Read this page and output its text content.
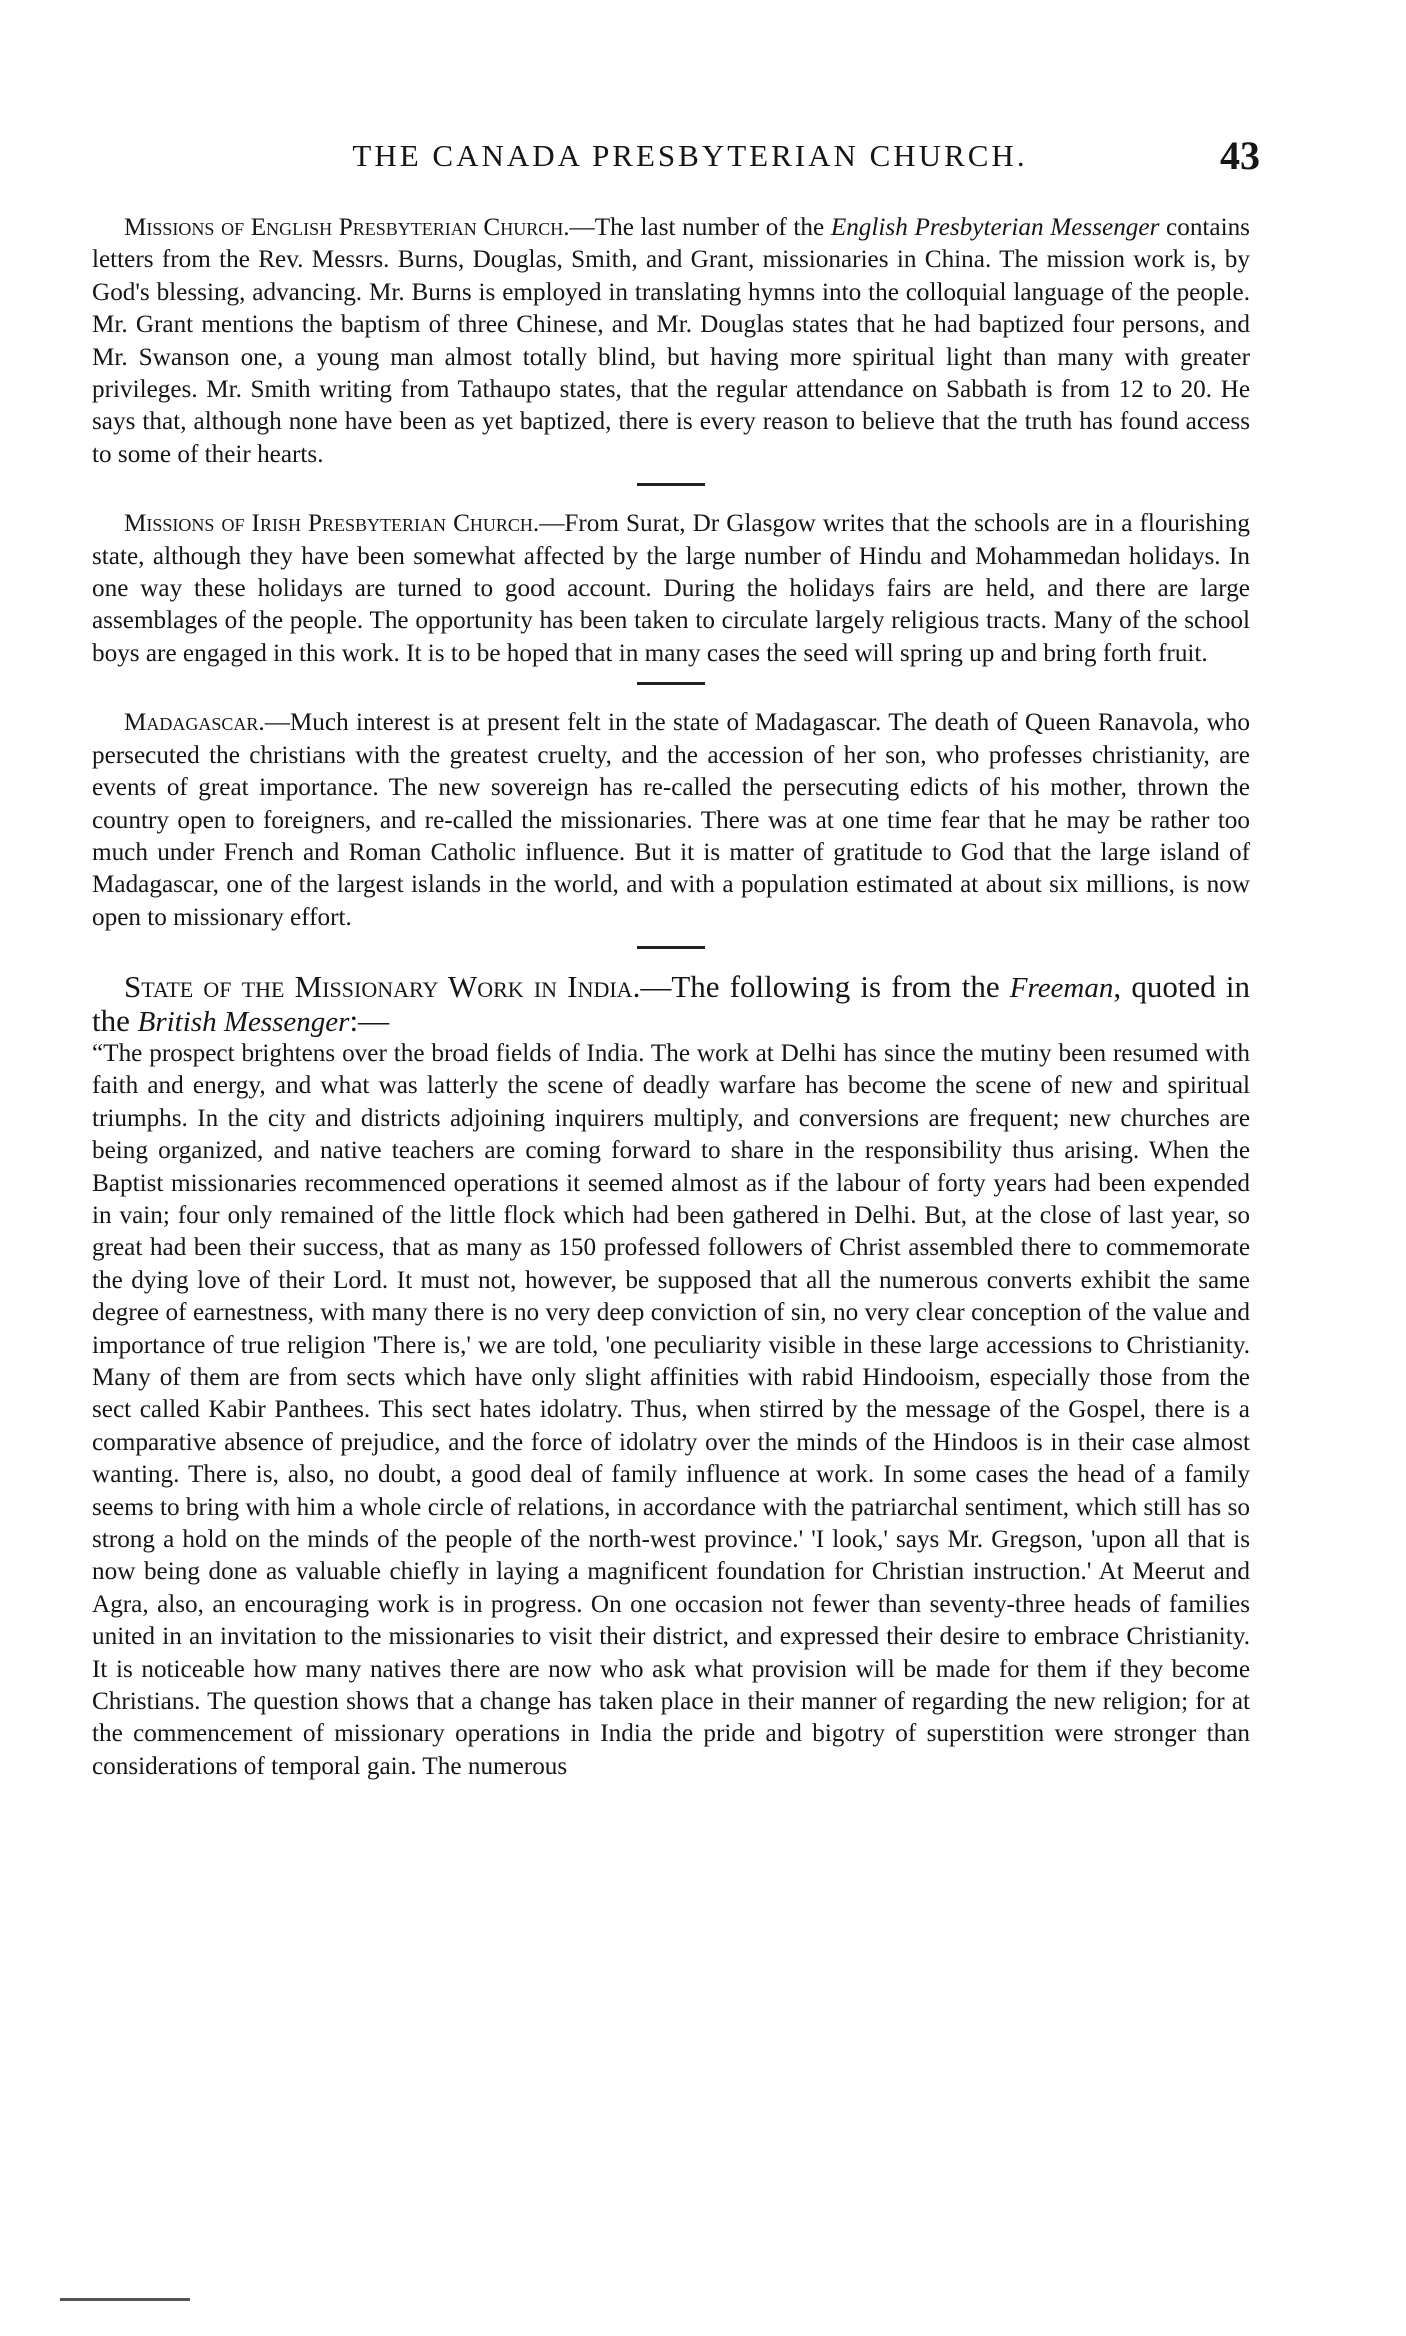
THE CANADA PRESBYTERIAN CHURCH.	43

Missions of English Presbyterian Church.—The last number of the English Presbyterian Messenger contains letters from the Rev. Messrs. Burns, Douglas, Smith, and Grant, missionaries in China. The mission work is, by God's blessing, advancing. Mr. Burns is employed in translating hymns into the colloquial language of the people. Mr. Grant mentions the baptism of three Chinese, and Mr. Douglas states that he had baptized four persons, and Mr. Swanson one, a young man almost totally blind, but having more spiritual light than many with greater privileges. Mr. Smith writing from Tathaupo states, that the regular attendance on Sabbath is from 12 to 20. He says that, although none have been as yet baptized, there is every reason to believe that the truth has found access to some of their hearts.

Missions of Irish Presbyterian Church.—From Surat, Dr Glasgow writes that the schools are in a flourishing state, although they have been somewhat affected by the large number of Hindu and Mohammedan holidays. In one way these holidays are turned to good account. During the holidays fairs are held, and there are large assemblages of the people. The opportunity has been taken to circulate largely religious tracts. Many of the school boys are engaged in this work. It is to be hoped that in many cases the seed will spring up and bring forth fruit.

Madagascar.—Much interest is at present felt in the state of Madagascar. The death of Queen Ranavola, who persecuted the christians with the greatest cruelty, and the accession of her son, who professes christianity, are events of great importance. The new sovereign has re-called the persecuting edicts of his mother, thrown the country open to foreigners, and re-called the missionaries. There was at one time fear that he may be rather too much under French and Roman Catholic influence. But it is matter of gratitude to God that the large island of Madagascar, one of the largest islands in the world, and with a population estimated at about six millions, is now open to missionary effort.

State of the Missionary Work in India.—The following is from the Freeman, quoted in the British Messenger:—

“The prospect brightens over the broad fields of India. The work at Delhi has since the mutiny been resumed with faith and energy, and what was latterly the scene of deadly warfare has become the scene of new and spiritual triumphs. In the city and districts adjoining inquirers multiply, and conversions are frequent; new churches are being organized, and native teachers are coming forward to share in the responsibility thus arising. When the Baptist missionaries recommenced operations it seemed almost as if the labour of forty years had been expended in vain; four only remained of the little flock which had been gathered in Delhi. But, at the close of last year, so great had been their success, that as many as 150 professed followers of Christ assembled there to commemorate the dying love of their Lord. It must not, however, be supposed that all the numerous converts exhibit the same degree of earnestness, with many there is no very deep conviction of sin, no very clear conception of the value and importance of true religion 'There is,' we are told, 'one peculiarity visible in these large accessions to Christianity. Many of them are from sects which have only slight affinities with rabid Hindooism, especially those from the sect called Kabir Panthees. This sect hates idolatry. Thus, when stirred by the message of the Gospel, there is a comparative absence of prejudice, and the force of idolatry over the minds of the Hindoos is in their case almost wanting. There is, also, no doubt, a good deal of family influence at work. In some cases the head of a family seems to bring with him a whole circle of relations, in accordance with the patriarchal sentiment, which still has so strong a hold on the minds of the people of the north-west province.' 'I look,' says Mr. Gregson, 'upon all that is now being done as valuable chiefly in laying a magnificent foundation for Christian instruction.' At Meerut and Agra, also, an encouraging work is in progress. On one occasion not fewer than seventy-three heads of families united in an invitation to the missionaries to visit their district, and expressed their desire to embrace Christianity. It is noticeable how many natives there are now who ask what provision will be made for them if they become Christians. The question shows that a change has taken place in their manner of regarding the new religion; for at the commencement of missionary operations in India the pride and bigotry of superstition were stronger than considerations of temporal gain. The numerous
